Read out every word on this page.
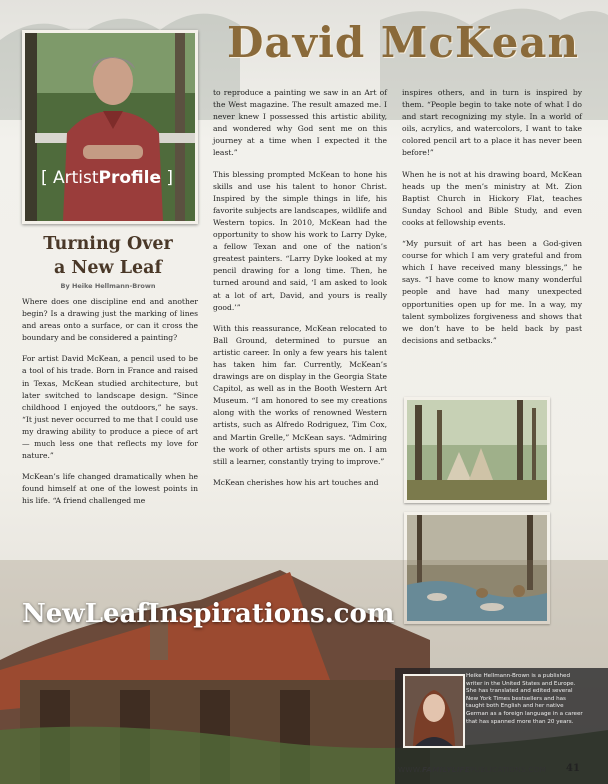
David McKean
[ ArtistProfile ]
Turning Over
a New Leaf
By Heike Hellmann-Brown

Where does one discipline end and another begin? Is a drawing just the marking of lines and areas onto a surface, or can it cross the boundary and be considered a painting?

For artist David McKean, a pencil used to be a tool of his trade. Born in France and raised in Texas, McKean studied architecture, but later switched to landscape design. “Since childhood I enjoyed the outdoors,” he says. “It just never occurred to me that I could use my drawing ability to produce a piece of art — much less one that reflects my love for nature.”

McKean’s life changed dramatically when he found himself at one of the lowest points in his life. “A friend challenged me

to reproduce a painting we saw in an Art of the West magazine. The result amazed me. I never knew I possessed this artistic ability, and wondered why God sent me on this journey at a time when I expected it the least.”

This blessing prompted McKean to hone his skills and use his talent to honor Christ. Inspired by the simple things in life, his favorite subjects are landscapes, wildlife and Western topics. In 2010, McKean had the opportunity to show his work to Larry Dyke, a fellow Texan and one of the nation’s greatest painters. “Larry Dyke looked at my pencil drawing for a long time. Then, he turned around and said, ‘I am asked to look at a lot of art, David, and yours is really good.’”

With this reassurance, McKean relocated to Ball Ground, determined to pursue an artistic career. In only a few years his talent has taken him far. Currently, McKean’s drawings are on display in the Georgia State Capitol, as well as in the Booth Western Art Museum. “I am honored to see my creations along with the works of renowned Western artists, such as Alfredo Rodriguez, Tim Cox, and Martin Grelle,” McKean says. “Admiring the work of other artists spurs me on. I am still a learner, constantly trying to improve.”

McKean cherishes how his art touches and

inspires others, and in turn is inspired by them. “People begin to take note of what I do and start recognizing my style. In a world of oils, acrylics, and watercolors, I want to take colored pencil art to a place it has never been before!”

When he is not at his drawing board, McKean heads up the men’s ministry at Mt. Zion Baptist Church in Hickory Flat, teaches Sunday School and Bible Study, and even cooks at fellowship events.

“My pursuit of art has been a God-given course for which I am very grateful and from which I have received many blessings,” he says. “I have come to know many wonderful people and have had many unexpected opportunities open up for me. In a way, my talent symbolizes forgiveness and shows that we don’t have to be held back by past decisions and setbacks.”

NewLeafInspirations.com
Heike Hellmann-Brown is a published writer in the United States and Europe. She has translated and edited several New York Times bestsellers and has taught both English and her native German as a foreign language in a career that has spanned more than 20 years.
WWW.FAMILYLIFEPUBLICATIONS.COM 41
